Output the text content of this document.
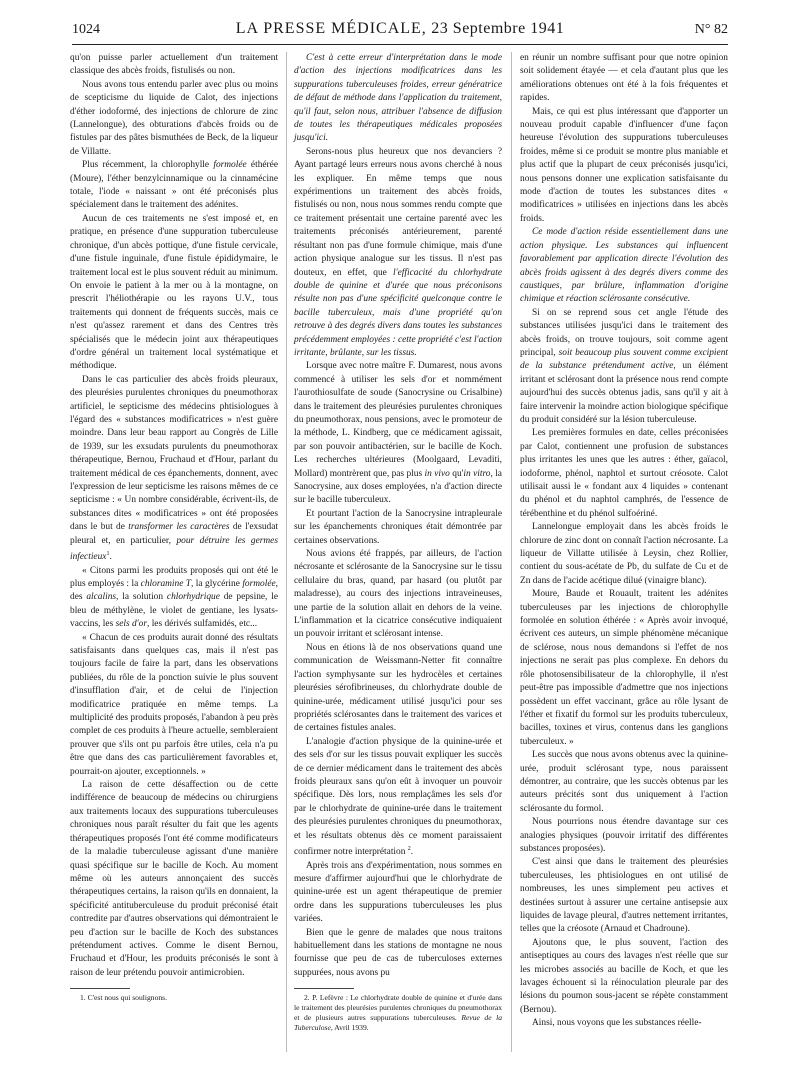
1024	LA PRESSE MÉDICALE, 23 Septembre 1941	N° 82

qu'on puisse parler actuellement d'un traitement classique des abcès froids, fistulisés ou non.

Nous avons tous entendu parler avec plus ou moins de scepticisme du liquide de Calot, des injections d'éther iodoformé, des injections de chlorure de zinc (Lannelongue), des obturations d'abcès froids ou de fistules par des pâtes bismuthées de Beck, de la liqueur de Villatte.

Plus récemment, la chlorophylle formolée éthérée (Moure), l'éther benzylcinnamique ou la cinnamécine totale, l'iode « naissant » ont été préconisés plus spécialement dans le traitement des adénites.

Aucun de ces traitements ne s'est imposé et, en pratique, en présence d'une suppuration tuberculeuse chronique, d'un abcès pottique, d'une fistule cervicale, d'une fistule inguinale, d'une fistule épididymaire, le traitement local est le plus souvent réduit au minimum. On envoie le patient à la mer ou à la montagne, on prescrit l'héliothérapie ou les rayons U.V., tous traitements qui donnent de fréquents succès, mais ce n'est qu'assez rarement et dans des Centres très spécialisés que le médecin joint aux thérapeutiques d'ordre général un traitement local systématique et méthodique.

Dans le cas particulier des abcès froids pleuraux, des pleurésies purulentes chroniques du pneumothorax artificiel, le septicisme des médecins phtisiologues à l'égard des « substances modificatrices » n'est guère moindre. Dans leur beau rapport au Congrès de Lille de 1939, sur les exsudats purulents du pneumothorax thérapeutique, Bernou, Fruchaud et d'Hour, parlant du traitement médical de ces épanchements, donnent, avec l'expression de leur septicisme les raisons mêmes de ce septicisme : « Un nombre considérable, écrivent-ils, de substances dites « modificatrices » ont été proposées dans le but de transformer les caractères de l'exsudat pleural et, en particulier, pour détruire les germes infectieux$^1$.

« Citons parmi les produits proposés qui ont été le plus employés : la chloramine T, la glycérine formolée, des alcalins, la solution chlorhydrique de pepsine, le bleu de méthylène, le violet de gentiane, les lysats-vaccins, les sels d'or, les dérivés sulfamidés, etc...

« Chacun de ces produits aurait donné des résultats satisfaisants dans quelques cas, mais il n'est pas toujours facile de faire la part, dans les observations publiées, du rôle de la ponction suivie le plus souvent d'insufflation d'air, et de celui de l'injection modificatrice pratiquée en même temps. La multiplicité des produits proposés, l'abandon à peu près complet de ces produits à l'heure actuelle, sembleraient prouver que s'ils ont pu parfois être utiles, cela n'a pu être que dans des cas particulièrement favorables et, pourrait-on ajouter, exceptionnels. »

La raison de cette désaffection ou de cette indifférence de beaucoup de médecins ou chirurgiens aux traitements locaux des suppurations tuberculeuses chroniques nous paraît résulter du fait que les agents thérapeutiques proposés l'ont été comme modificateurs de la maladie tuberculeuse agissant d'une manière quasi spécifique sur le bacille de Koch. Au moment même où les auteurs annonçaient des succès thérapeutiques certains, la raison qu'ils en donnaient, la spécificité antituberculeuse du produit préconisé était contredite par d'autres observations qui démontraient le peu d'action sur le bacille de Koch des substances prétendument actives. Comme le disent Bernou, Fruchaud et d'Hour, les produits préconisés le sont à raison de leur prétendu pouvoir antimicrobien.

1. C'est nous qui soulignons.

C'est à cette erreur d'interprétation dans le mode d'action des injections modificatrices dans les suppurations tuberculeuses froides, erreur génératrice de défaut de méthode dans l'application du traitement, qu'il faut, selon nous, attribuer l'absence de diffusion de toutes les thérapeutiques médicales proposées jusqu'ici.

Serons-nous plus heureux que nos devanciers ? Ayant partagé leurs erreurs nous avons cherché à nous les expliquer. En même temps que nous expérimentions un traitement des abcès froids, fistulisés ou non, nous nous sommes rendu compte que ce traitement présentait une certaine parenté avec les traitements préconisés antérieurement, parenté résultant non pas d'une formule chimique, mais d'une action physique analogue sur les tissus. Il n'est pas douteux, en effet, que l'efficacité du chlorhydrate double de quinine et d'urée que nous préconisons résulte non pas d'une spécificité quelconque contre le bacille tuberculeux, mais d'une propriété qu'on retrouve à des degrés divers dans toutes les substances précédemment employées : cette propriété c'est l'action irritante, brûlante, sur les tissus.

Lorsque avec notre maître F. Dumarest, nous avons commencé à utiliser les sels d'or et nommément l'aurothiosulfate de soude (Sanocrysine ou Crisalbine) dans le traitement des pleurésies purulentes chroniques du pneumothorax, nous pensions, avec le promoteur de la méthode, L. Kindberg, que ce médicament agissait, par son pouvoir antibactérien, sur le bacille de Koch. Les recherches ultérieures (Moolgaard, Levaditi, Mollard) montrèrent que, pas plus in vivo qu'in vitro, la Sanocrysine, aux doses employées, n'a d'action directe sur le bacille tuberculeux.

Et pourtant l'action de la Sanocrysine intrapleurale sur les épanchements chroniques était démontrée par certaines observations.

Nous avions été frappés, par ailleurs, de l'action nécrosante et sclérosante de la Sanocrysine sur le tissu cellulaire du bras, quand, par hasard (ou plutôt par maladresse), au cours des injections intraveineuses, une partie de la solution allait en dehors de la veine. L'inflammation et la cicatrice consécutive indiquaient un pouvoir irritant et sclérosant intense.

Nous en étions là de nos observations quand une communication de Weissmann-Netter fit connaître l'action symphysante sur les hydrocèles et certaines pleurésies sérofibrineuses, du chlorhydrate double de quinine-urée, médicament utilisé jusqu'ici pour ses propriétés sclérosantes dans le traitement des varices et de certaines fistules anales.

L'analogie d'action physique de la quinine-urée et des sels d'or sur les tissus pouvait expliquer les succès de ce dernier médicament dans le traitement des abcès froids pleuraux sans qu'on eût à invoquer un pouvoir spécifique. Dès lors, nous remplaçâmes les sels d'or par le chlorhydrate de quinine-urée dans le traitement des pleurésies purulentes chroniques du pneumothorax, et les résultats obtenus dès ce moment paraissaient confirmer notre interprétation $^2$.

Après trois ans d'expérimentation, nous sommes en mesure d'affirmer aujourd'hui que le chlorhydrate de quinine-urée est un agent thérapeutique de premier ordre dans les suppurations tuberculeuses les plus variées.

Bien que le genre de malades que nous traitons habituellement dans les stations de montagne ne nous fournisse que peu de cas de tuberculoses externes suppurées, nous avons pu

2. P. Lefèvre : Le chlorhydrate double de quinine et d'urée dans le traitement des pleurésies purulentes chroniques du pneumothorax et de plusieurs autres suppurations tuberculeuses. Revue de la Tuberculose, Avril 1939.

en réunir un nombre suffisant pour que notre opinion soit solidement étayée — et cela d'autant plus que les améliorations obtenues ont été à la fois fréquentes et rapides.

Mais, ce qui est plus intéressant que d'apporter un nouveau produit capable d'influencer d'une façon heureuse l'évolution des suppurations tuberculeuses froides, même si ce produit se montre plus maniable et plus actif que la plupart de ceux préconisés jusqu'ici, nous pensons donner une explication satisfaisante du mode d'action de toutes les substances dites « modificatrices » utilisées en injections dans les abcès froids.

Ce mode d'action réside essentiellement dans une action physique. Les substances qui influencent favorablement par application directe l'évolution des abcès froids agissent à des degrés divers comme des caustiques, par brûlure, inflammation d'origine chimique et réaction sclérosante consécutive.

Si on se reprend sous cet angle l'étude des substances utilisées jusqu'ici dans le traitement des abcès froids, on trouve toujours, soit comme agent principal, soit beaucoup plus souvent comme excipient de la substance prétendument active, un élément irritant et sclérosant dont la présence nous rend compte aujourd'hui des succès obtenus jadis, sans qu'il y ait à faire intervenir la moindre action biologique spécifique du produit considéré sur la lésion tuberculeuse.

Les premières formules en date, celles préconisées par Calot, contiennent une profusion de substances plus irritantes les unes que les autres : éther, gaïacol, iodoforme, phénol, naphtol et surtout créosote. Calot utilisait aussi le « fondant aux 4 liquides » contenant du phénol et du naphtol camphrés, de l'essence de térébenthine et du phénol sulfoériné.

Lannelongue employait dans les abcès froids le chlorure de zinc dont on connaît l'action nécrosante. La liqueur de Villatte utilisée à Leysin, chez Rollier, contient du sous-acétate de Pb, du sulfate de Cu et de Zn dans de l'acide acétique dilué (vinaigre blanc).

Moure, Baude et Rouault, traitent les adénites tuberculeuses par les injections de chlorophylle formolée en solution éthérée : « Après avoir invoqué, écrivent ces auteurs, un simple phénomène mécanique de sclérose, nous nous demandons si l'effet de nos injections ne serait pas plus complexe. En dehors du rôle photosensibilisateur de la chlorophylle, il n'est peut-être pas impossible d'admettre que nos injections possèdent un effet vaccinant, grâce au rôle lysant de l'éther et fixatif du formol sur les produits tuberculeux, bacilles, toxines et virus, contenus dans les ganglions tuberculeux. »

Les succès que nous avons obtenus avec la quinine-urée, produit sclérosant type, nous paraissent démontrer, au contraire, que les succès obtenus par les auteurs précités sont dus uniquement à l'action sclérosante du formol.

Nous pourrions nous étendre davantage sur ces analogies physiques (pouvoir irritatif des différentes substances proposées).

C'est ainsi que dans le traitement des pleurésies tuberculeuses, les phtisiologues en ont utilisé de nombreuses, les unes simplement peu actives et destinées surtout à assurer une certaine antisepsie aux liquides de lavage pleural, d'autres nettement irritantes, telles que la créosote (Arnaud et Chadroune).

Ajoutons que, le plus souvent, l'action des antiseptiques au cours des lavages n'est réelle que sur les microbes associés au bacille de Koch, et que les lavages échouent si la réinoculation pleurale par des lésions du poumon sous-jacent se répète constamment (Bernou).

Ainsi, nous voyons que les substances réelle-
